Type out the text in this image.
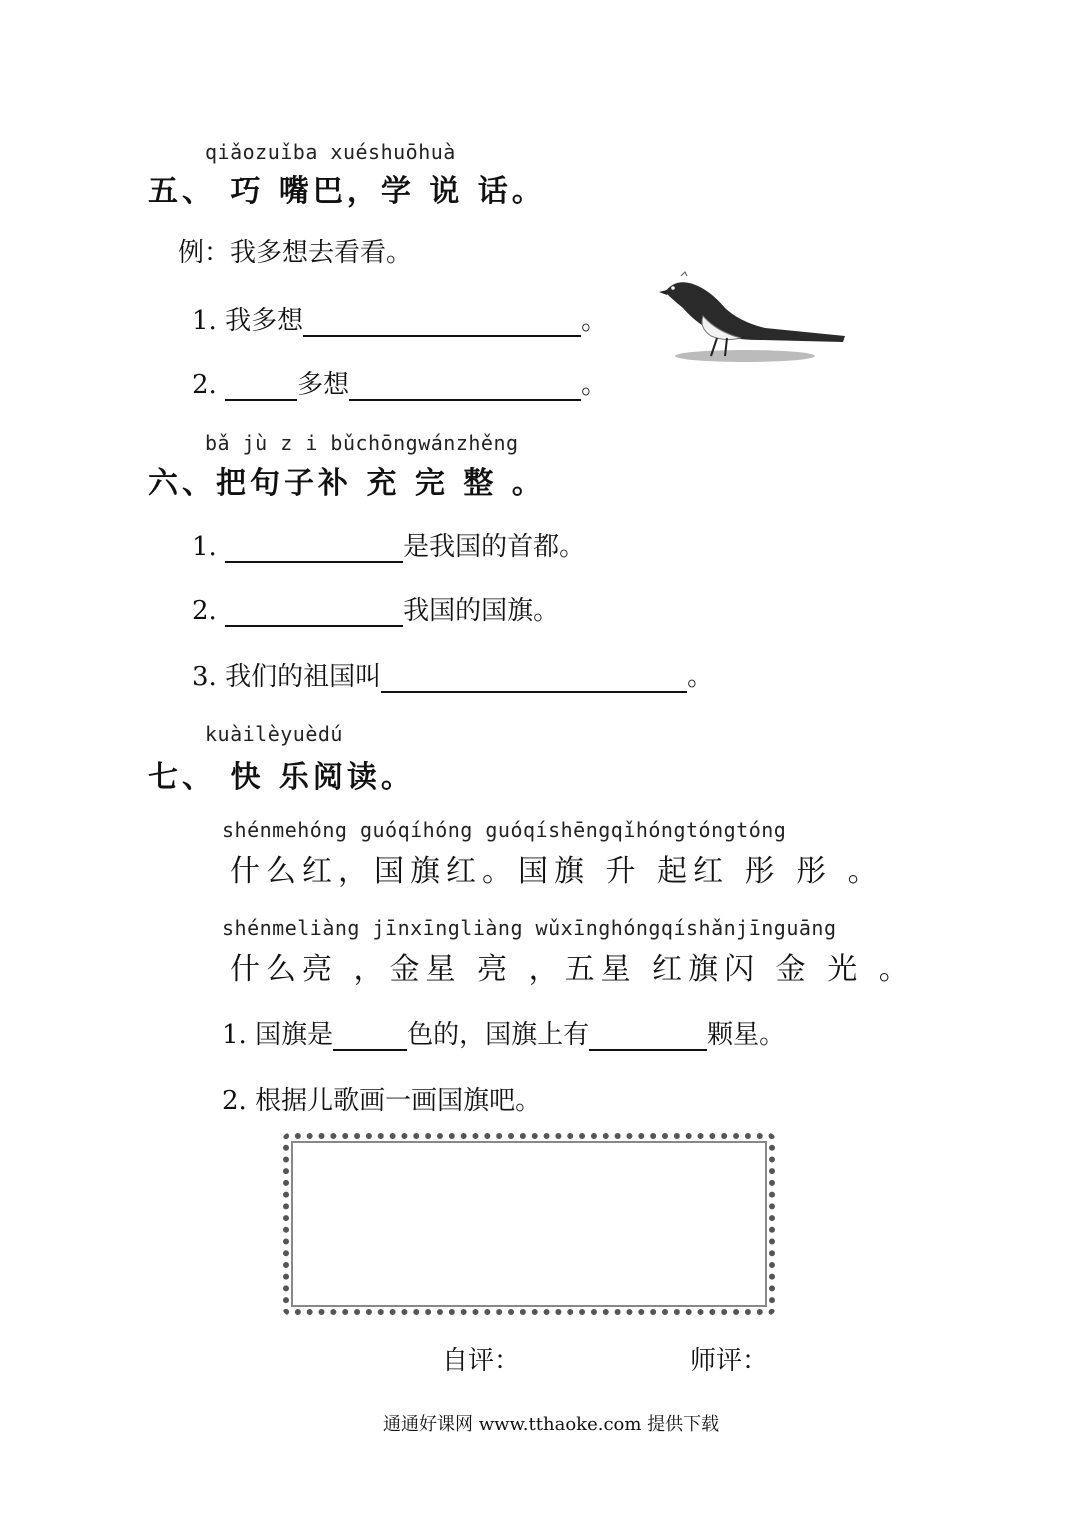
qiǎozuǐba xuéshuōhuà
五、 巧 嘴巴，学 说 话。
例：我多想去看看。
1. 我多想	。
2.	多想	。
bǎ jù z i bǔchōngwánzhěng
六、把句子补 充 完 整 。
1.	是我国的首都。
2.	我国的国旗。
3. 我们的祖国叫	。
kuàilèyuèdú
七、 快 乐阅读。
shénmehóng guóqíhóng guóqíshēngqǐhóngtóngtóng
什么红，国旗红。国旗 升 起红 彤 彤 。
shénmeliàng jīnxīngliàng wǔxīnghóngqíshǎnjīnguāng
什么亮 ，金星 亮 ，五星 红旗闪 金 光 。
1. 国旗是	色的，国旗上有	颗星。
2. 根据儿歌画一画国旗吧。
自评：	师评：
通通好课网 www.tthaoke.com 提供下载
